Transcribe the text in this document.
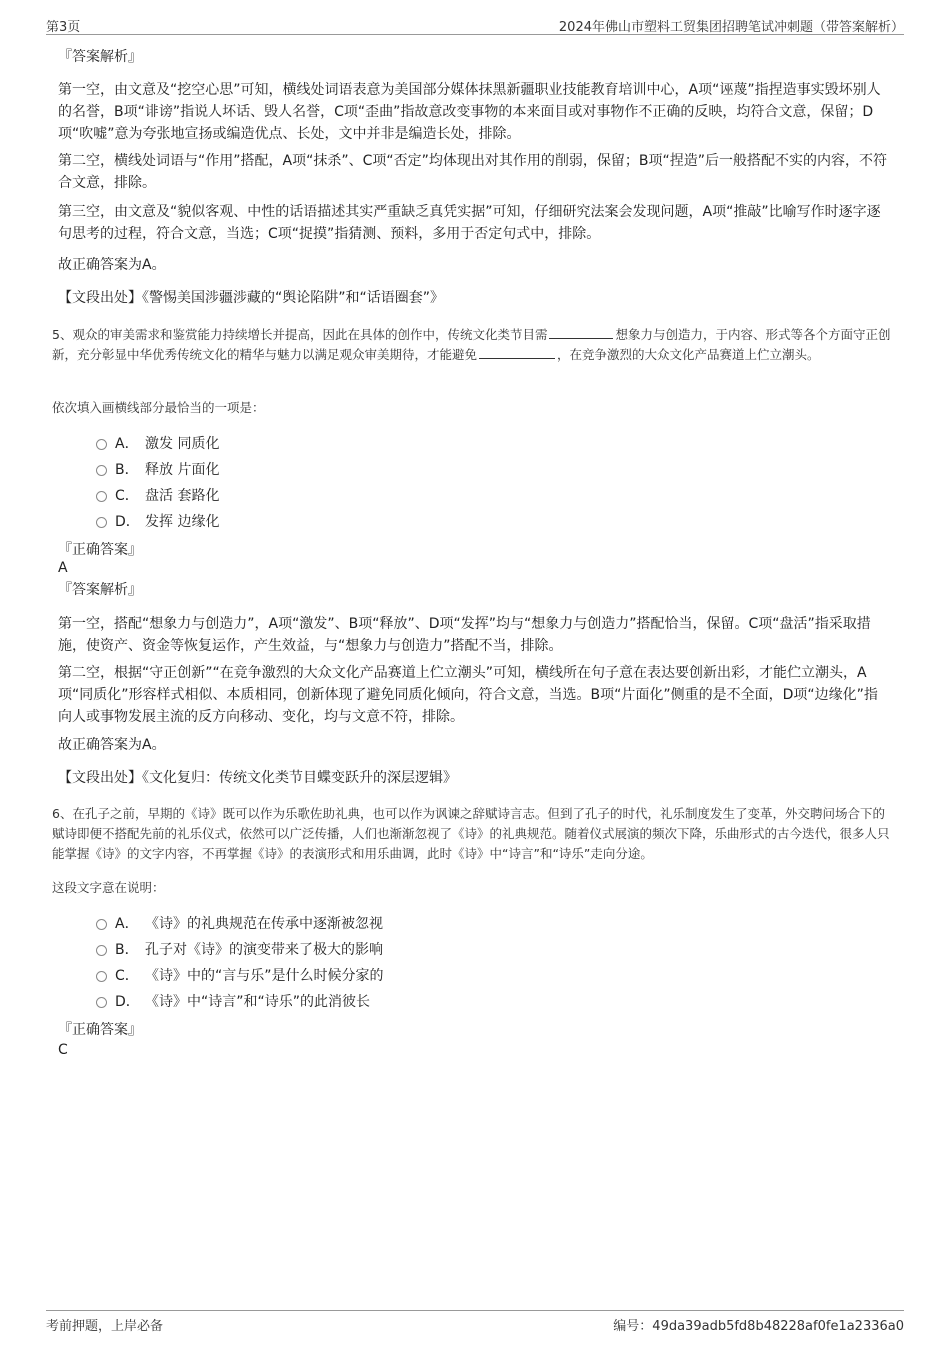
第3页	2024年佛山市塑料工贸集团招聘笔试冲刺题（带答案解析）
『答案解析』

第一空，由文意及“挖空心思”可知，横线处词语表意为美国部分媒体抹黑新疆职业技能教育培训中心，A项“诬蔑”指捏造事实毁坏别人的名誉，B项“诽谤”指说人坏话、毁人名誉，C项“歪曲”指故意改变事物的本来面目或对事物作不正确的反映，均符合文意，保留；D项“吹嘘”意为夸张地宣扬或编造优点、长处，文中并非是编造长处，排除。

第二空，横线处词语与“作用”搭配，A项“抹杀”、C项“否定”均体现出对其作用的削弱，保留；B项“捏造”后一般搭配不实的内容，不符合文意，排除。

第三空，由文意及“貌似客观、中性的话语描述其实严重缺乏真凭实据”可知，仔细研究法案会发现问题，A项“推敲”比喻写作时逐字逐句思考的过程，符合文意，当选；C项“捉摸”指猜测、预料，多用于否定句式中，排除。

故正确答案为A。
【文段出处】《警惕美国涉疆涉藏的“舆论陷阱”和“话语圈套”》

5、观众的审美需求和鉴赏能力持续增长并提高，因此在具体的创作中，传统文化类节目需	想象力与创造力，于内容、形式等各个方面守正创新，充分彰显中华优秀传统文化的精华与魅力以满足观众审美期待，才能避免	，在竞争激烈的大众文化产品赛道上伫立潮头。

依次填入画横线部分最恰当的一项是：
A． 激发 同质化
B． 释放 片面化
C． 盘活 套路化
D． 发挥 边缘化
『正确答案』
A
『答案解析』

第一空，搭配“想象力与创造力”，A项“激发”、B项“释放”、D项“发挥”均与“想象力与创造力”搭配恰当，保留。C项“盘活”指采取措施，使资产、资金等恢复运作，产生效益，与“想象力与创造力”搭配不当，排除。

第二空，根据“守正创新”“在竞争激烈的大众文化产品赛道上伫立潮头”可知，横线所在句子意在表达要创新出彩，才能伫立潮头，A项“同质化”形容样式相似、本质相同，创新体现了避免同质化倾向，符合文意，当选。B项“片面化”侧重的是不全面，D项“边缘化”指向人或事物发展主流的反方向移动、变化，均与文意不符，排除。

故正确答案为A。
【文段出处】《文化复归：传统文化类节目蝶变跃升的深层逻辑》

6、在孔子之前，早期的《诗》既可以作为乐歌佐助礼典，也可以作为讽谏之辞赋诗言志。但到了孔子的时代，礼乐制度发生了变革，外交聘问场合下的赋诗即便不搭配先前的礼乐仪式，依然可以广泛传播，人们也渐渐忽视了《诗》的礼典规范。随着仪式展演的频次下降，乐曲形式的古今迭代，很多人只能掌握《诗》的文字内容，不再掌握《诗》的表演形式和用乐曲调，此时《诗》中“诗言”和“诗乐”走向分途。

这段文字意在说明：
A． 《诗》的礼典规范在传承中逐渐被忽视
B． 孔子对《诗》的演变带来了极大的影响
C． 《诗》中的“言与乐”是什么时候分家的
D． 《诗》中“诗言”和“诗乐”的此消彼长
『正确答案』
C
考前押题，上岸必备	编号：49da39adb5fd8b48228af0fe1a2336a0
